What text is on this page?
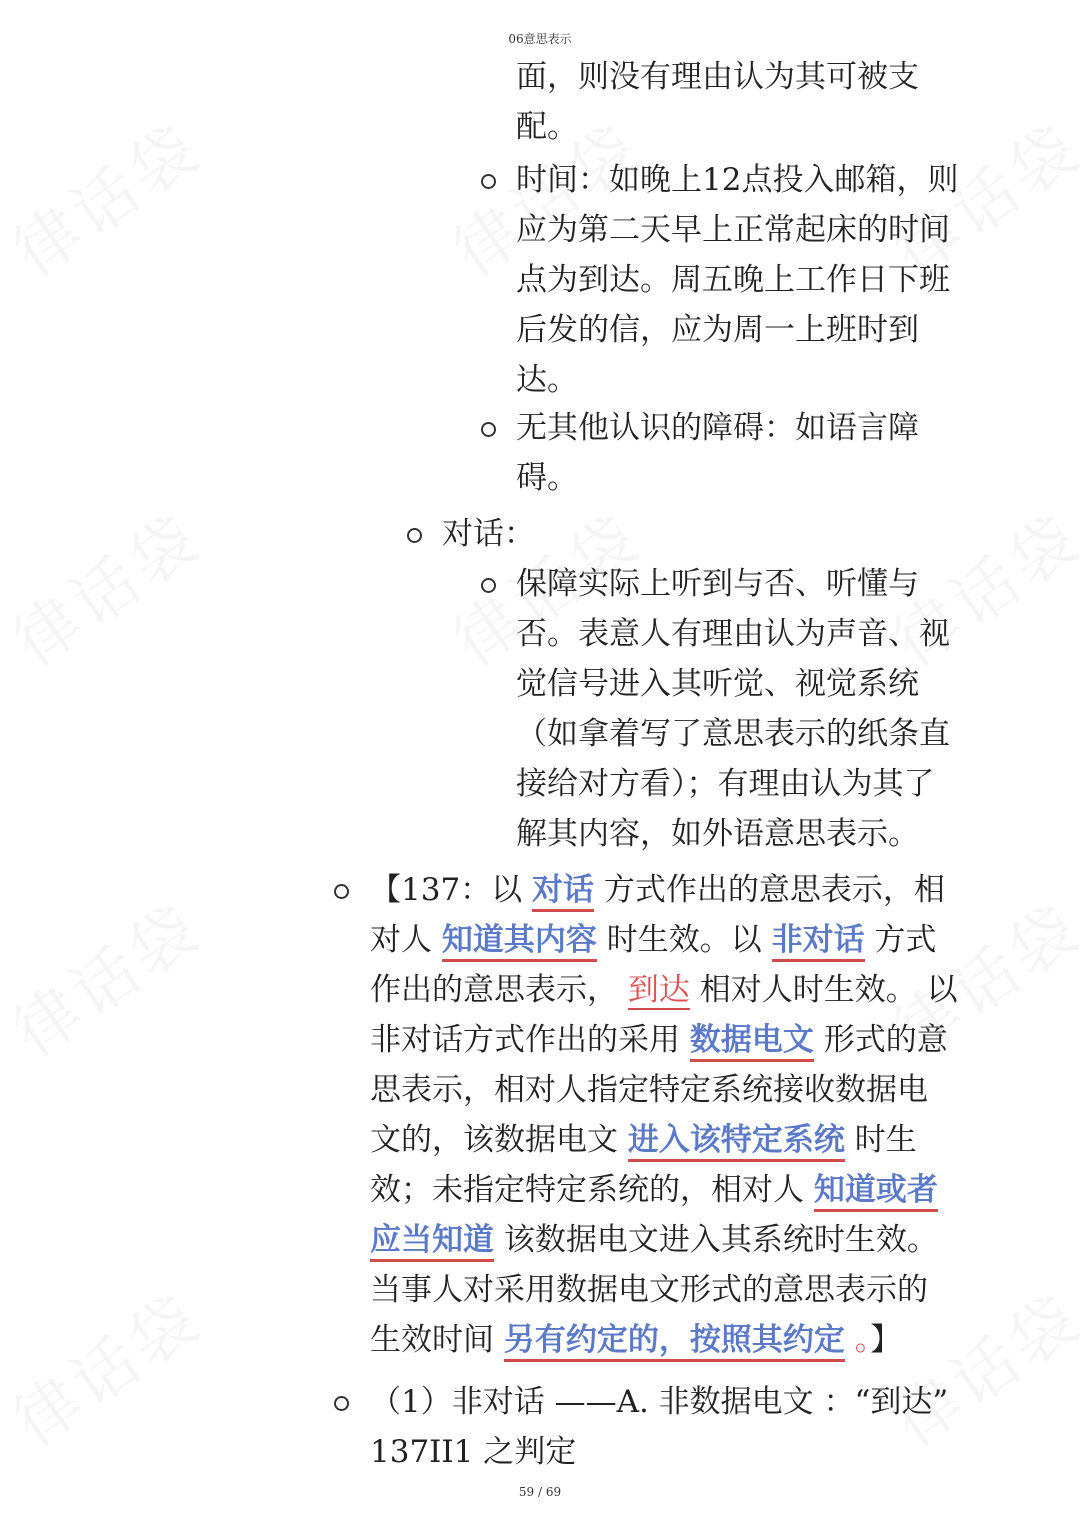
06意思表示

面，则没有理由认为其可被支

配。

时间：如晚上12点投入邮箱，则

应为第二天早上正常起床的时间

点为到达。周五晚上工作日下班

后发的信，应为周一上班时到

达。

无其他认识的障碍：如语言障

碍。

对话：

保障实际上听到与否、听懂与

否。表意人有理由认为声音、视

觉信号进入其听觉、视觉系统

（如拿着写了意思表示的纸条直

接给对方看）；有理由认为其了

解其内容，如外语意思表示。

【137：以 对话 方式作出的意思表示，相

对人 知道其内容 时生效。以 非对话 方式

作出的意思表示， 到达 相对人时生效。 以

非对话方式作出的采用 数据电文 形式的意

思表示，相对人指定特定系统接收数据电

文的，该数据电文 进入该特定系统 时生

效；未指定特定系统的，相对人 知道或者

应当知道 该数据电文进入其系统时生效。

当事人对采用数据电文形式的意思表示的

生效时间 另有约定的，按照其约定 。】

（1）非对话 ——A. 非数据电文 ：“到达”

137II1 之判定

59 / 69
